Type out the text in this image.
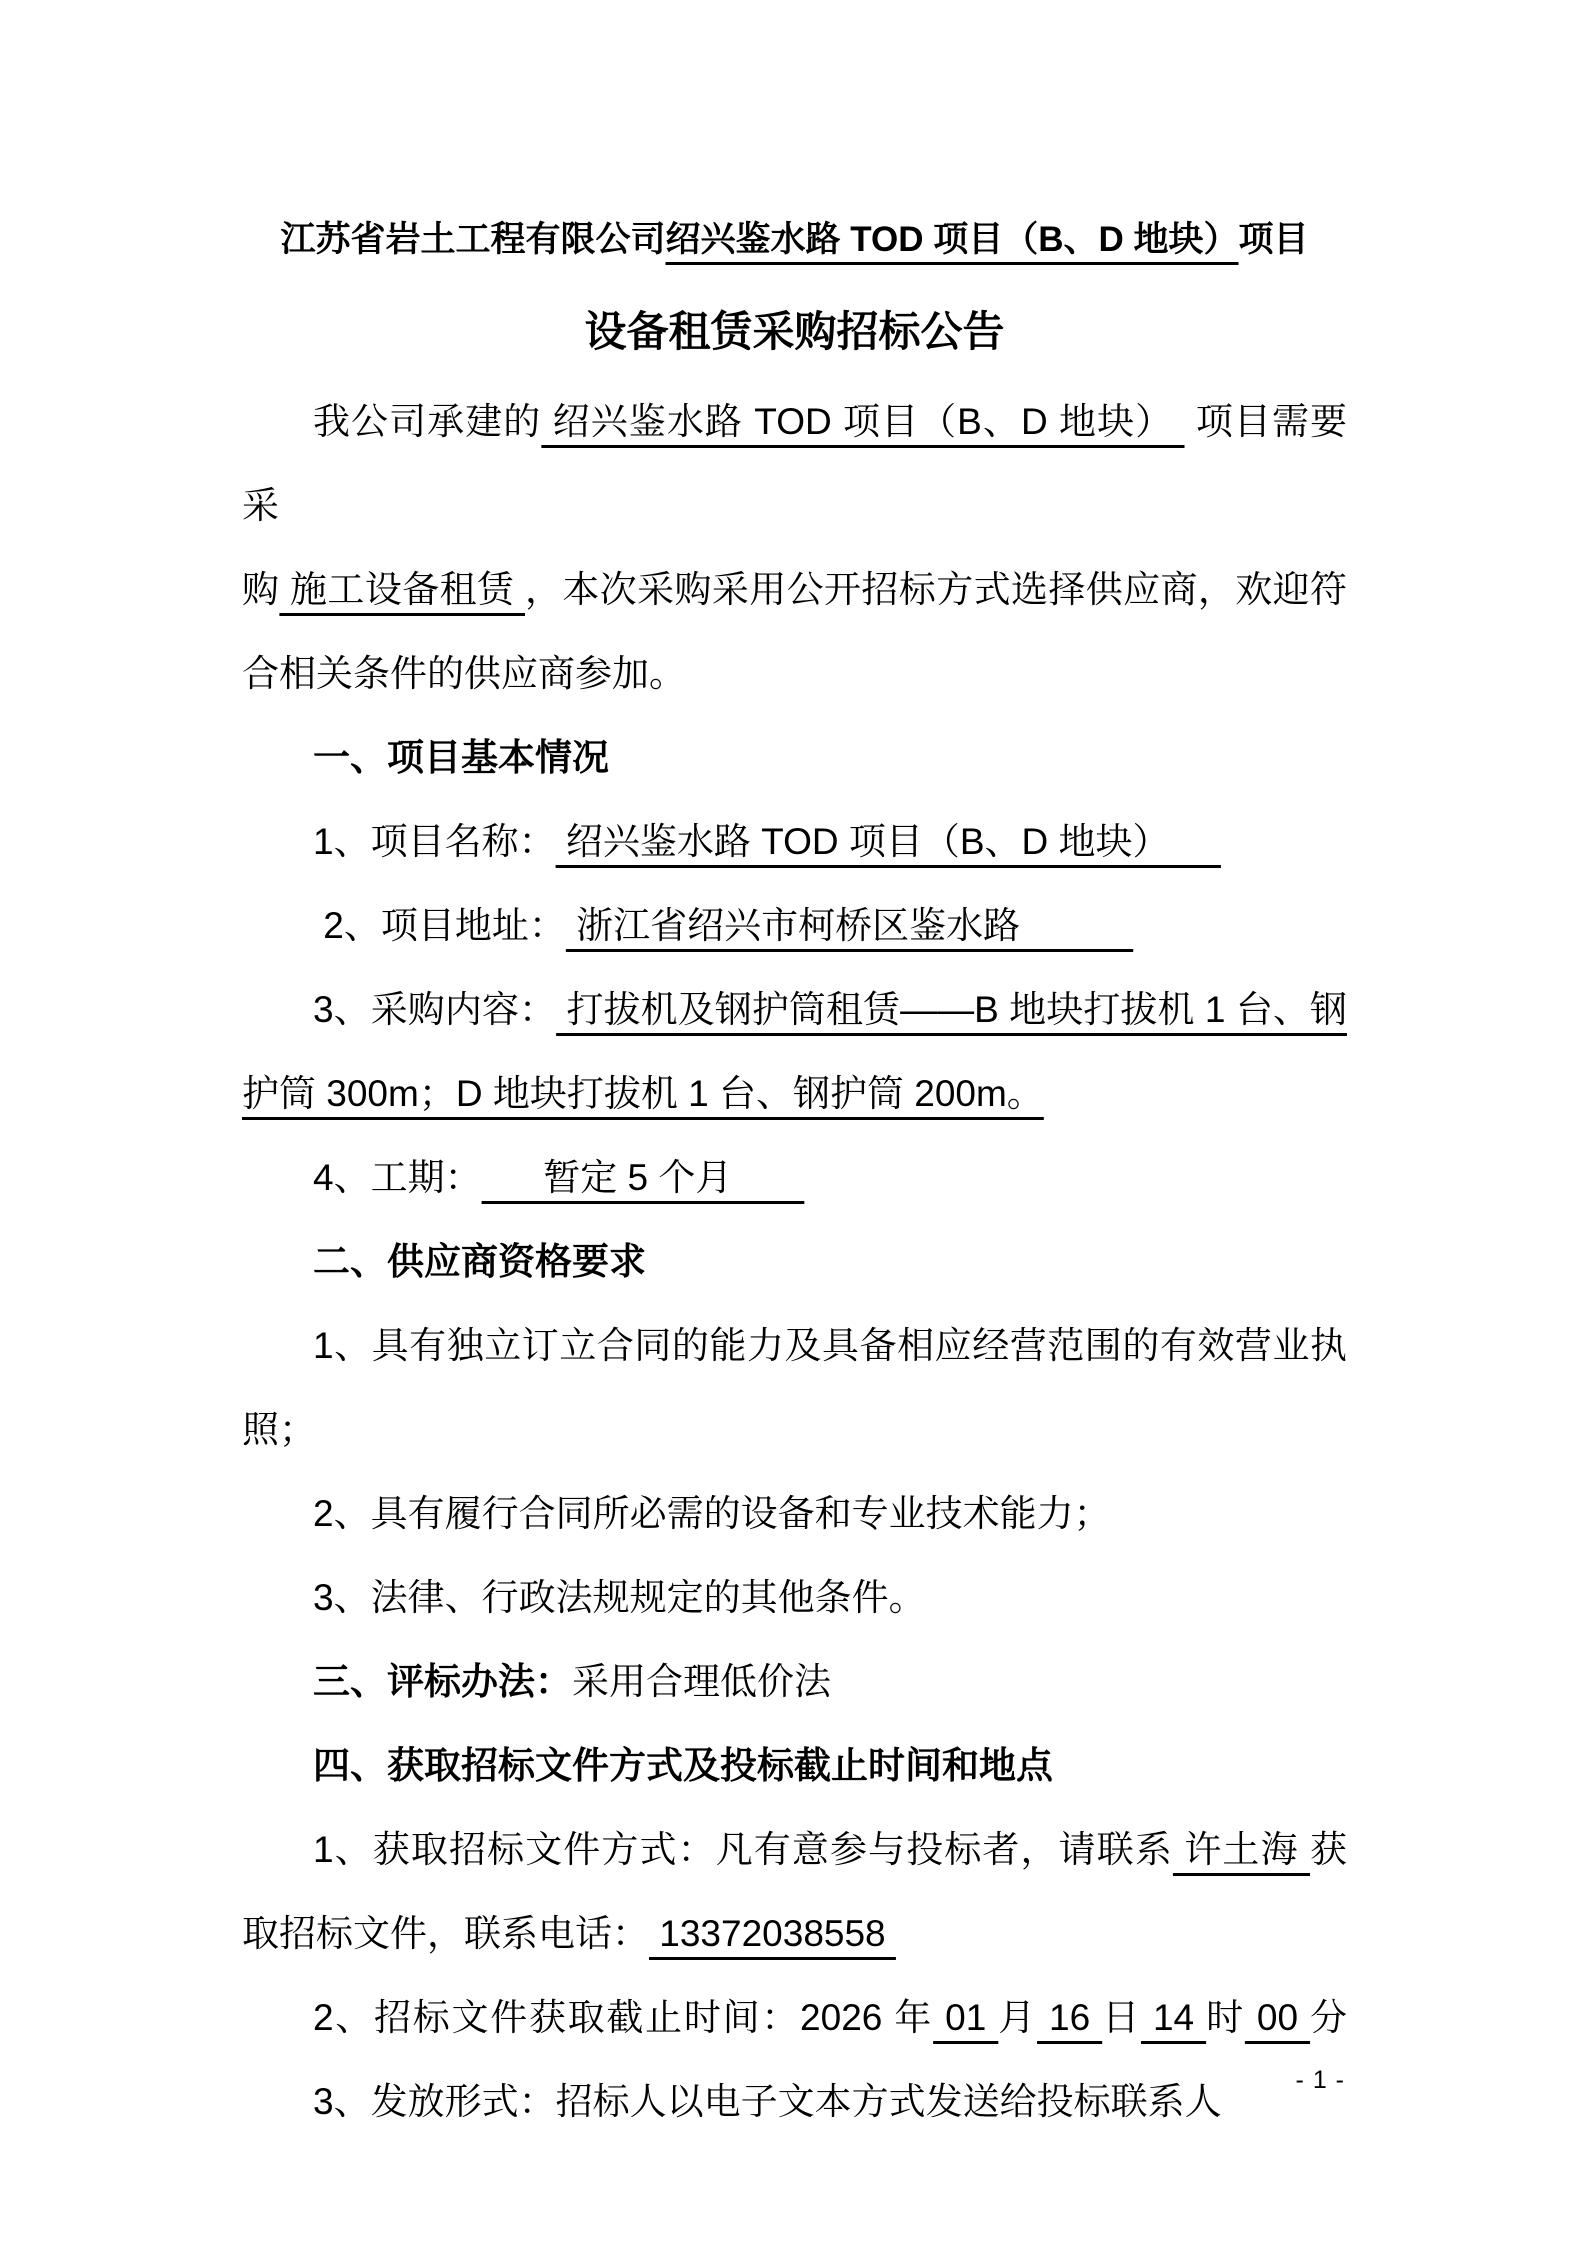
江苏省岩土工程有限公司绍兴鉴水路 TOD 项目（B、D 地块）项目

设备租赁采购招标公告

我公司承建的 绍兴鉴水路 TOD 项目（B、D 地块）  项目需要采

购 施工设备租赁 ，本次采购采用公开招标方式选择供应商，欢迎符

合相关条件的供应商参加。

一、项目基本情况

1、项目名称： 绍兴鉴水路 TOD 项目（B、D 地块）

2、项目地址： 浙江省绍兴市柯桥区鉴水路

3、采购内容： 打拔机及钢护筒租赁——B 地块打拔机 1 台、钢

护筒 300m；D 地块打拔机 1 台、钢护筒 200m。

4、工期：      暂定 5 个月

二、供应商资格要求

1、具有独立订立合同的能力及具备相应经营范围的有效营业执

照；

2、具有履行合同所必需的设备和专业技术能力；

3、法律、行政法规规定的其他条件。

三、评标办法：采用合理低价法

四、获取招标文件方式及投标截止时间和地点

1、获取招标文件方式：凡有意参与投标者，请联系 许土海 获

取招标文件，联系电话： 13372038558

2、招标文件获取截止时间：2026 年 01 月 16 日 14 时 00 分

3、发放形式：招标人以电子文本方式发送给投标联系人

- 1 -
